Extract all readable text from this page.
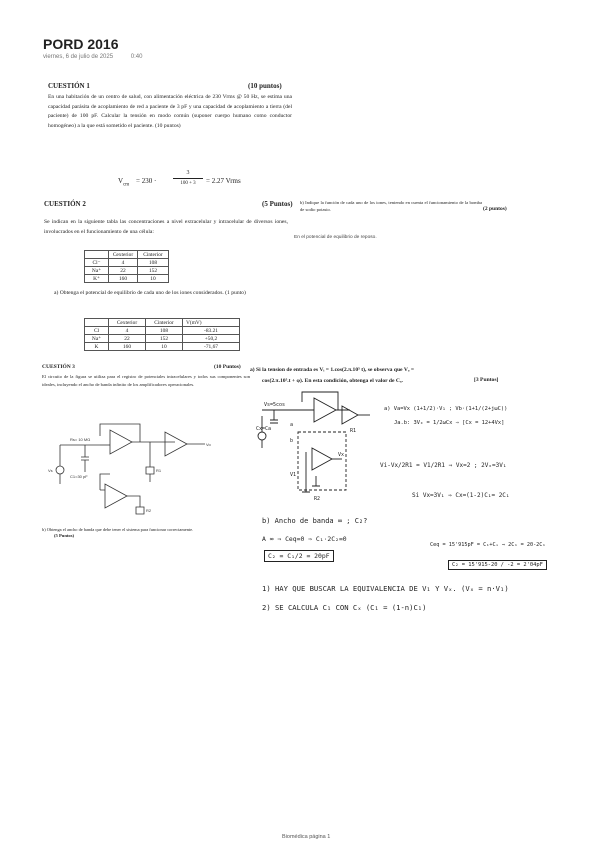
PORD 2016
viernes, 6 de julio de 2025	0:40
CUESTIÓN 1	(10 puntos)
En una habitación de un centro de salud, con alimentación eléctrica de 230 Vrms @ 50 Hz, se estima una capacidad parásita de acoplamiento de red a paciente de 3 pF y una capacidad de acoplamiento a tierra (del paciente) de 100 pF. Calcular la tensión en modo común (suponer cuerpo humano como conductor homogéneo) a la que está sometido el paciente. (10 puntos)
$V_{cm} = 230$ ·
3
100 + 3	= 2.27 Vrms
CUESTIÓN 2	(5 Puntos)
Se indican en la siguiente tabla las concentraciones a nivel extracelular y intracelular de diversos iones, involucrados en el funcionamiento de una célula:
	Cexterior	Cinterior
Cl⁻	4	108
Na⁺	22	152
K⁺	160	10
a) Obtenga el potencial de equilibrio de cada uno de los iones considerados. (1 punto)
	Cexterior	Cinterior	V(mV)
Cl	4	108	-83.21
Na⁺	22	152	+50,2
K	160	10	-71,67
b) Indique la función de cada uno de los iones, teniendo en cuenta el funcionamiento de la bomba de sodio potasio.	(2 puntos)
En el potencial de equilibrio de reposo.
CUESTIÓN 3	(10 Puntos)
El circuito de la figura se utiliza para el registro de potenciales intracelulares y todos sus componentes son ideales, incluyendo el ancho de banda infinito de los amplificadores operacionales.
Rs= 10 MΩ
Vs
C1=30 pF
Vo
R1
R2
b) Obtenga el ancho de banda que debe tener el sistema para funcionar correctamente.
(5 Puntos)
a) Si la tension de entrada es Vᵢ = 1.cos(2.π.10⁵ t), se observa que Vₒ =
cos(2.π.10⁵.t + φ). En esta condición, obtenga el valor de Cₓ.	[3 Puntos]
Vs=5cos
Cx=Ca
Vx
V1
R1
R2
a
b
a) Va=Vx (1+1/2)·V₁ ; Vb·(1+1/(2+jωC))
Ja.b: 3Vₓ = 1/2ωCx ⇒ [Cx = 12+4Vx]
Vi-Vx/2R1 = V1/2R1 ⇒ Vx=2 ; 2Vₓ=3V₁
Si Vx=3V₁ ⇒ Cx=(1-2)C₁= 2C₁
Ceq = 15'915pF = C₁+Cₓ ⇒ 2C₁ = 20-2C₁
C₂ = 15'915-20 / -2 = 2'04pF
b) Ancho de banda ∞ ; C₂?
A ∞ ⇒ Ceq=0 ⇒ C₁·2C₂=0
C₂ = C₁/2 = 20pF
1) HAY QUE BUSCAR LA EQUIVALENCIA DE V₁ Y Vₓ. (Vₓ = n·V₁)
2) SE CALCULA C₁ CON Cₓ (C₁ = (1-n)C₁)
Biomédica página 1
